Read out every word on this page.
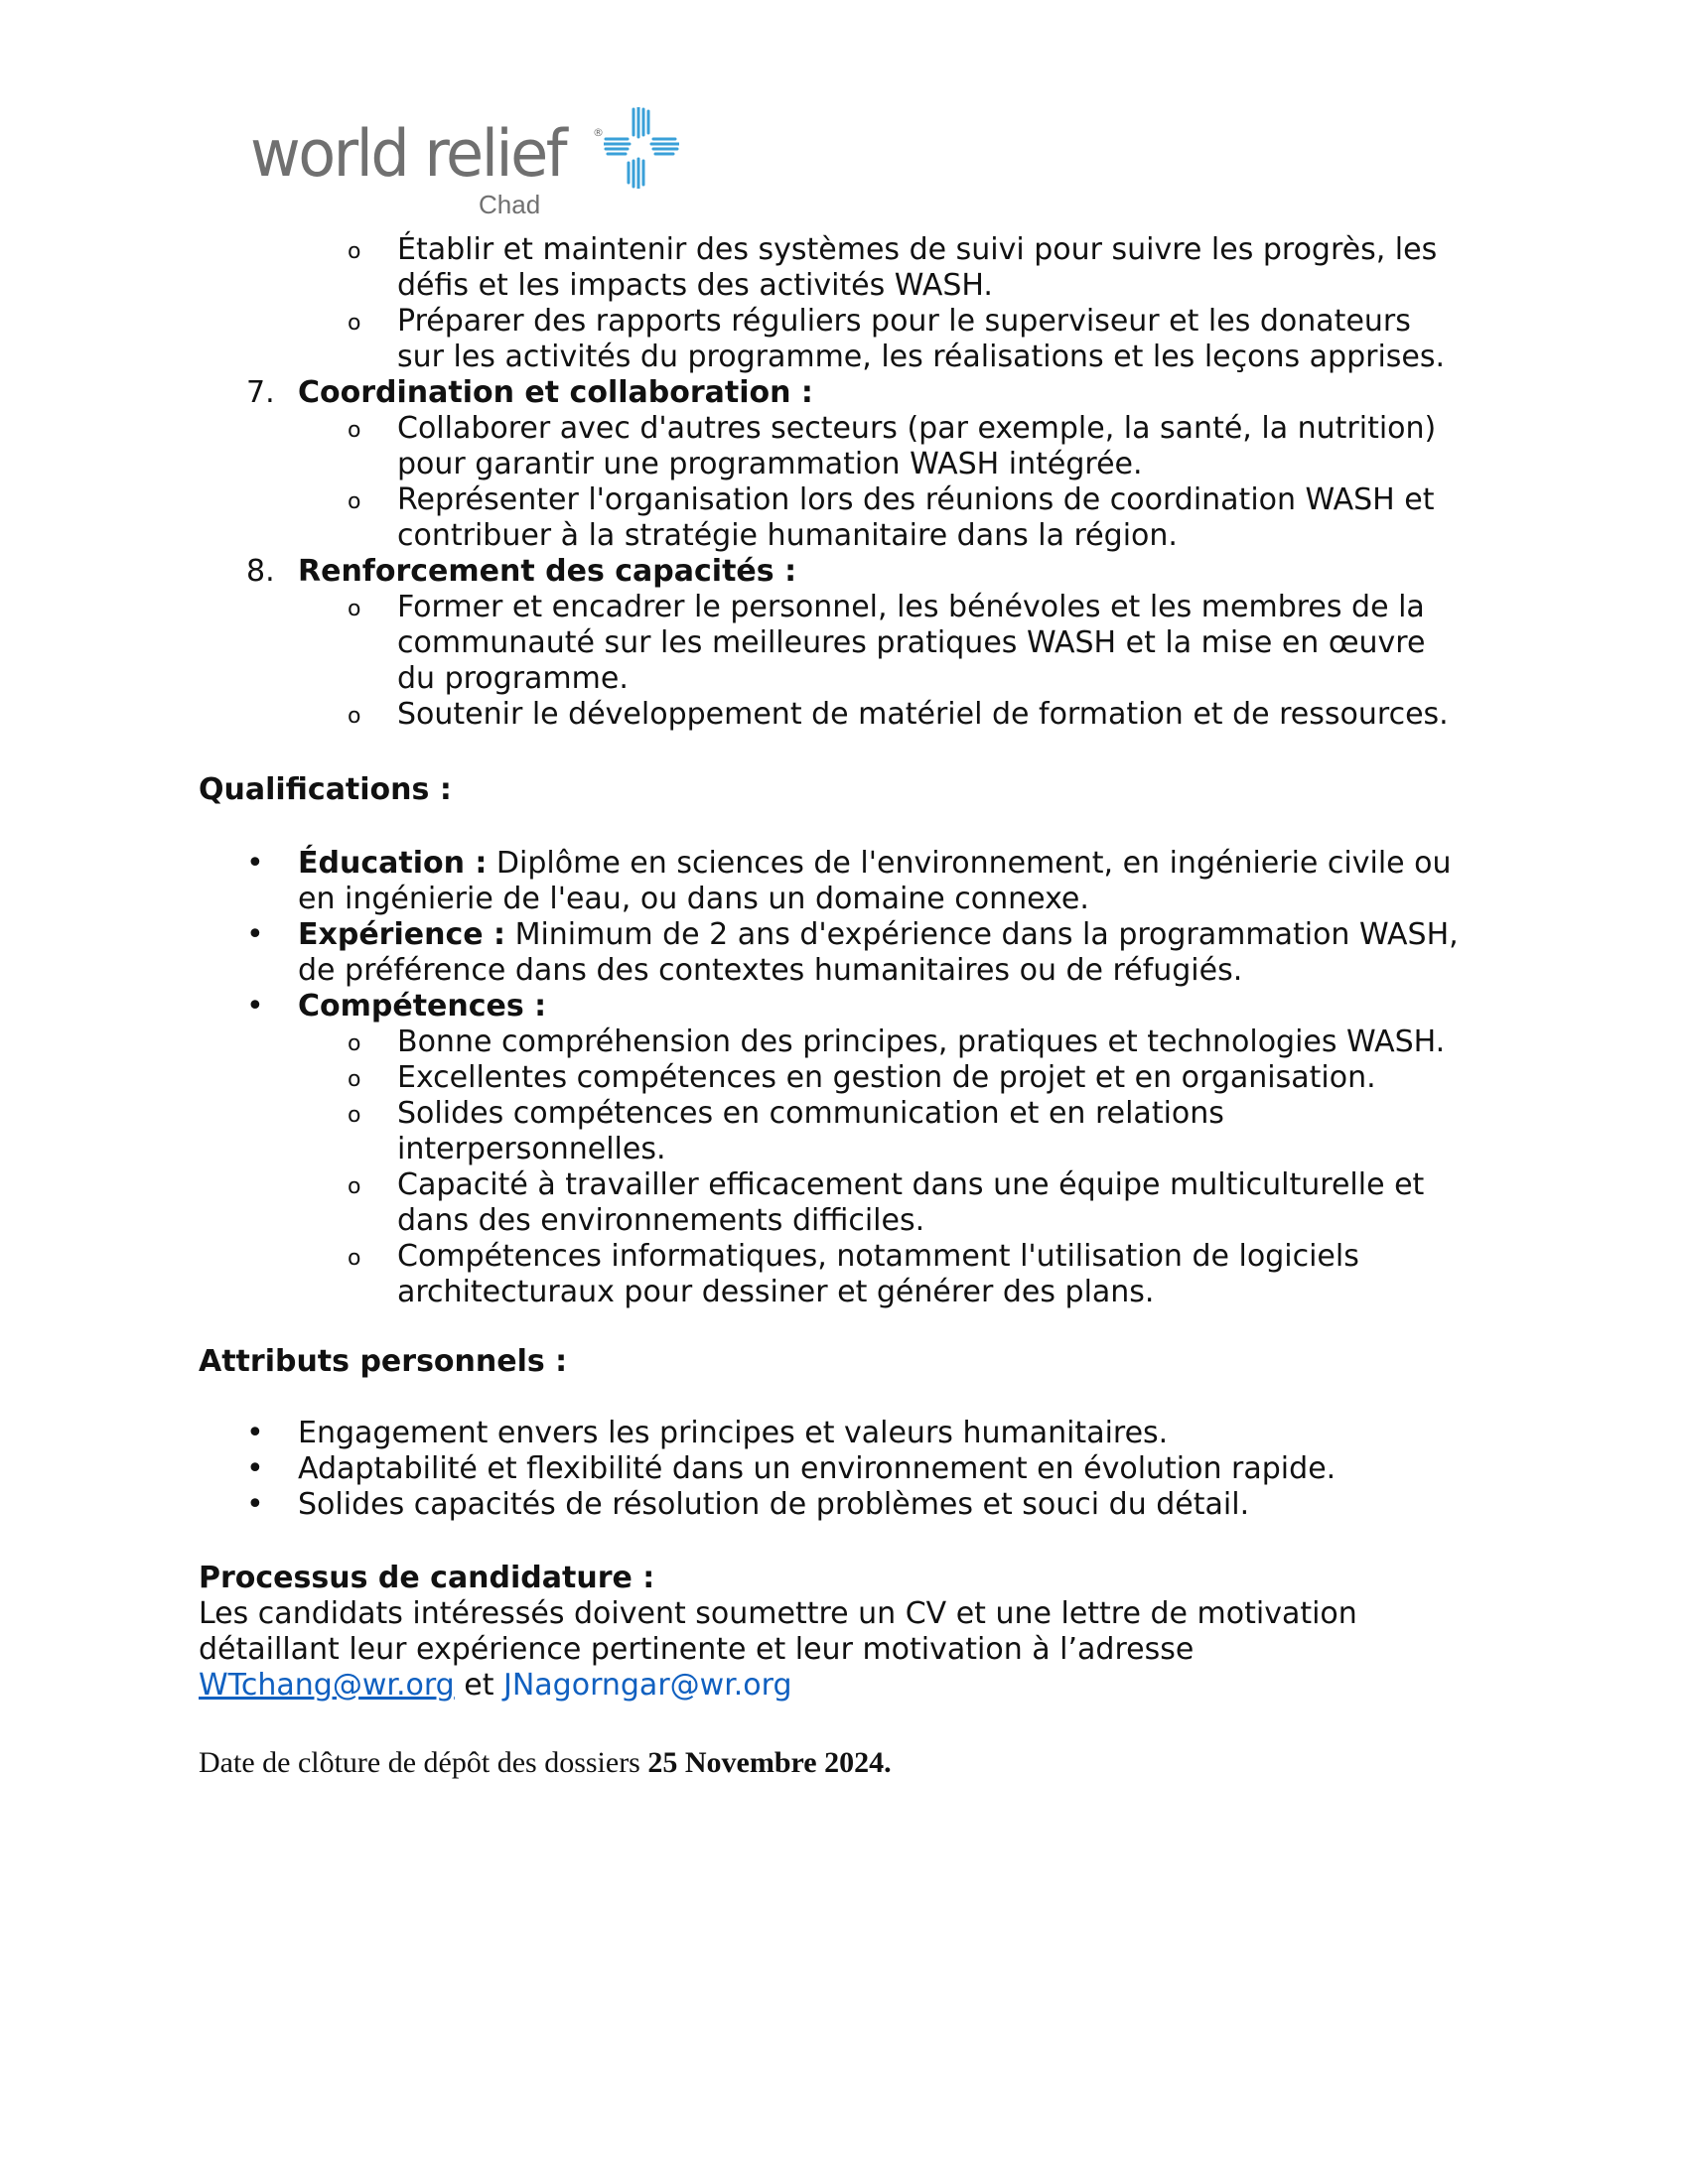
world relief	®
Chad
o Établir et maintenir des systèmes de suivi pour suivre les progrès, les
défis et les impacts des activités WASH.
o Préparer des rapports réguliers pour le superviseur et les donateurs
sur les activités du programme, les réalisations et les leçons apprises.
7. Coordination et collaboration :
o Collaborer avec d'autres secteurs (par exemple, la santé, la nutrition)
pour garantir une programmation WASH intégrée.
o Représenter l'organisation lors des réunions de coordination WASH et
contribuer à la stratégie humanitaire dans la région.
8. Renforcement des capacités :
o Former et encadrer le personnel, les bénévoles et les membres de la
communauté sur les meilleures pratiques WASH et la mise en œuvre
du programme.
o Soutenir le développement de matériel de formation et de ressources.
Qualifications :
• Éducation : Diplôme en sciences de l'environnement, en ingénierie civile ou
en ingénierie de l'eau, ou dans un domaine connexe.
• Expérience : Minimum de 2 ans d'expérience dans la programmation WASH,
de préférence dans des contextes humanitaires ou de réfugiés.
• Compétences :
o Bonne compréhension des principes, pratiques et technologies WASH.
o Excellentes compétences en gestion de projet et en organisation.
o Solides compétences en communication et en relations
interpersonnelles.
o Capacité à travailler efficacement dans une équipe multiculturelle et
dans des environnements difficiles.
o Compétences informatiques, notamment l'utilisation de logiciels
architecturaux pour dessiner et générer des plans.
Attributs personnels :
• Engagement envers les principes et valeurs humanitaires.
• Adaptabilité et flexibilité dans un environnement en évolution rapide.
• Solides capacités de résolution de problèmes et souci du détail.
Processus de candidature :
Les candidats intéressés doivent soumettre un CV et une lettre de motivation
détaillant leur expérience pertinente et leur motivation à l’adresse
WTchang@wr.org et JNagorngar@wr.org
Date de clôture de dépôt des dossiers 25 Novembre 2024.
